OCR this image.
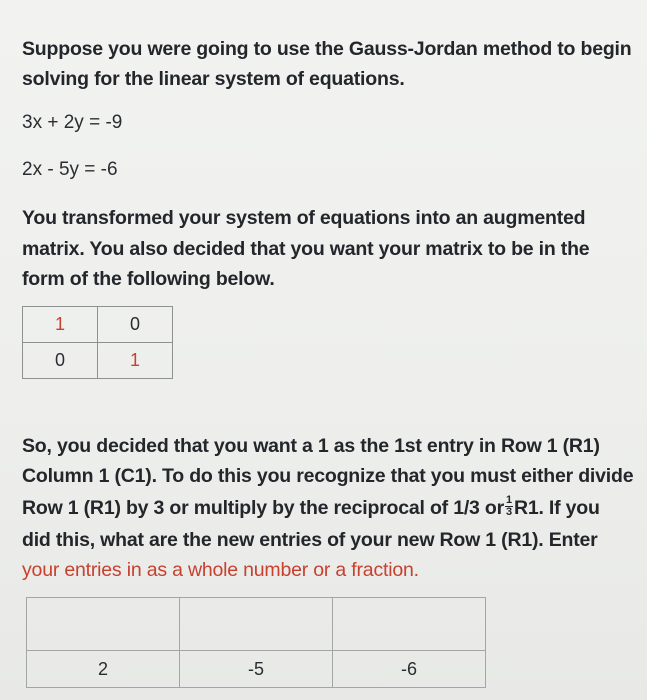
Suppose you were going to use the Gauss-Jordan method to begin

solving for the linear system of equations.

3x + 2y = -9

2x - 5y = -6

You transformed your system of equations into an augmented

matrix. You also decided that you want your matrix to be in the

form of the following below.

1	0
0	1

So, you decided that you want a 1 as the 1st entry in Row 1 (R1)

Column 1 (C1). To do this you recognize that you must either divide

Row 1 (R1) by 3 or multiply by the reciprocal of 1/3 or $\frac{1}{3} R1$. If you

did this, what are the new entries of your new Row 1 (R1). Enter

your entries in as a whole number or a fraction.

2	-5	-6
